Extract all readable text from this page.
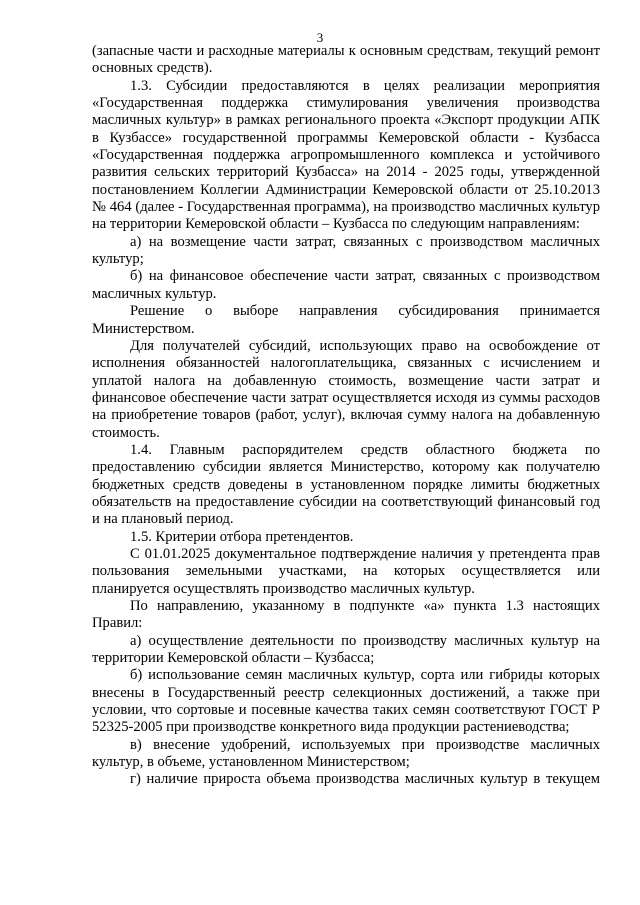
3

(запасные части и расходные материалы к основным средствам, текущий ремонт основных средств).

1.3. Субсидии предоставляются в целях реализации мероприятия «Государственная поддержка стимулирования увеличения производства масличных культур» в рамках регионального проекта «Экспорт продукции АПК в Кузбассе» государственной программы Кемеровской области - Кузбасса «Государственная поддержка агропромышленного комплекса и устойчивого развития сельских территорий Кузбасса» на 2014 - 2025 годы, утвержденной постановлением Коллегии Администрации Кемеровской области от 25.10.2013 № 464 (далее - Государственная программа), на производство масличных культур на территории Кемеровской области – Кузбасса по следующим направлениям:

а) на возмещение части затрат, связанных с производством масличных культур;

б) на финансовое обеспечение части затрат, связанных с производством масличных культур.

Решение о выборе направления субсидирования принимается Министерством.

Для получателей субсидий, использующих право на освобождение от исполнения обязанностей налогоплательщика, связанных с исчислением и уплатой налога на добавленную стоимость, возмещение части затрат и финансовое обеспечение части затрат осуществляется исходя из суммы расходов на приобретение товаров (работ, услуг), включая сумму налога на добавленную стоимость.

1.4. Главным распорядителем средств областного бюджета по предоставлению субсидии является Министерство, которому как получателю бюджетных средств доведены в установленном порядке лимиты бюджетных обязательств на предоставление субсидии на соответствующий финансовый год и на плановый период.

1.5. Критерии отбора претендентов.

С 01.01.2025 документальное подтверждение наличия у претендента прав пользования земельными участками, на которых осуществляется или планируется осуществлять производство масличных культур.

По направлению, указанному в подпункте «а» пункта 1.3 настоящих Правил:

а) осуществление деятельности по производству масличных культур на территории Кемеровской области – Кузбасса;

б) использование семян масличных культур, сорта или гибриды которых внесены в Государственный реестр селекционных достижений, а также при условии, что сортовые и посевные качества таких семян соответствуют ГОСТ Р 52325-2005 при производстве конкретного вида продукции растениеводства;

в) внесение удобрений, используемых при производстве масличных культур, в объеме, установленном Министерством;

г) наличие прироста объема производства масличных культур в текущем
